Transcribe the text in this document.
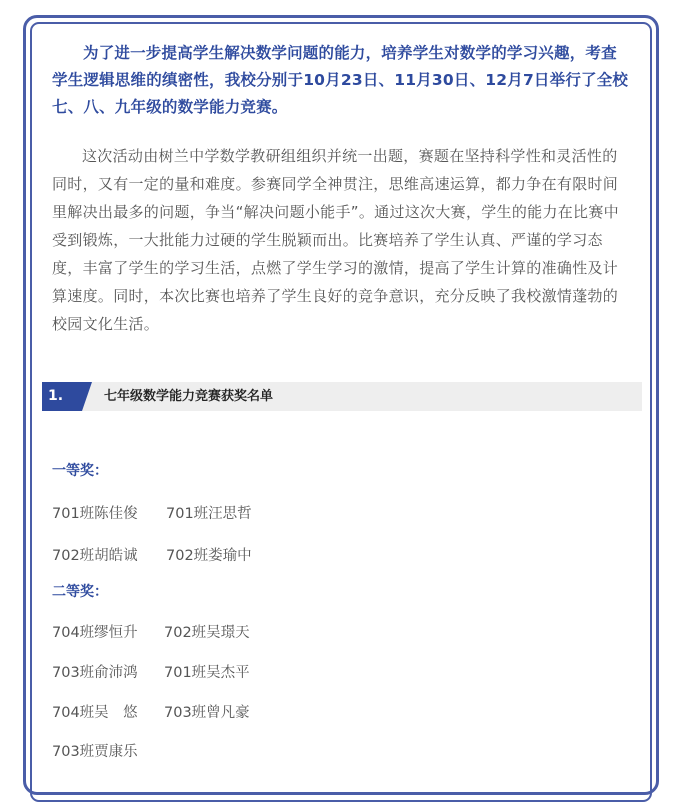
为了进一步提高学生解决数学问题的能力，培养学生对数学的学习兴趣，考查学生逻辑思维的缜密性，我校分别于10月23日、11月30日、12月7日举行了全校七、八、九年级的数学能力竞赛。

这次活动由树兰中学数学教研组组织并统一出题，赛题在坚持科学性和灵活性的同时，又有一定的量和难度。参赛同学全神贯注，思维高速运算，都力争在有限时间里解决出最多的问题，争当“解决问题小能手”。通过这次大赛，学生的能力在比赛中受到锻炼，一大批能力过硬的学生脱颖而出。比赛培养了学生认真、严谨的学习态度，丰富了学生的学习生活，点燃了学生学习的激情，提高了学生计算的准确性及计算速度。同时，本次比赛也培养了学生良好的竞争意识，充分反映了我校激情蓬勃的校园文化生活。

1.	七年级数学能力竞赛获奖名单
一等奖：
701班陈佳俊 701班汪思哲
702班胡皓诚 702班娄瑜中
二等奖：
704班缪恒升 702班吴璟天
703班俞沛鸿 701班吴杰平
704班吴　悠 703班曾凡豪
703班贾康乐
